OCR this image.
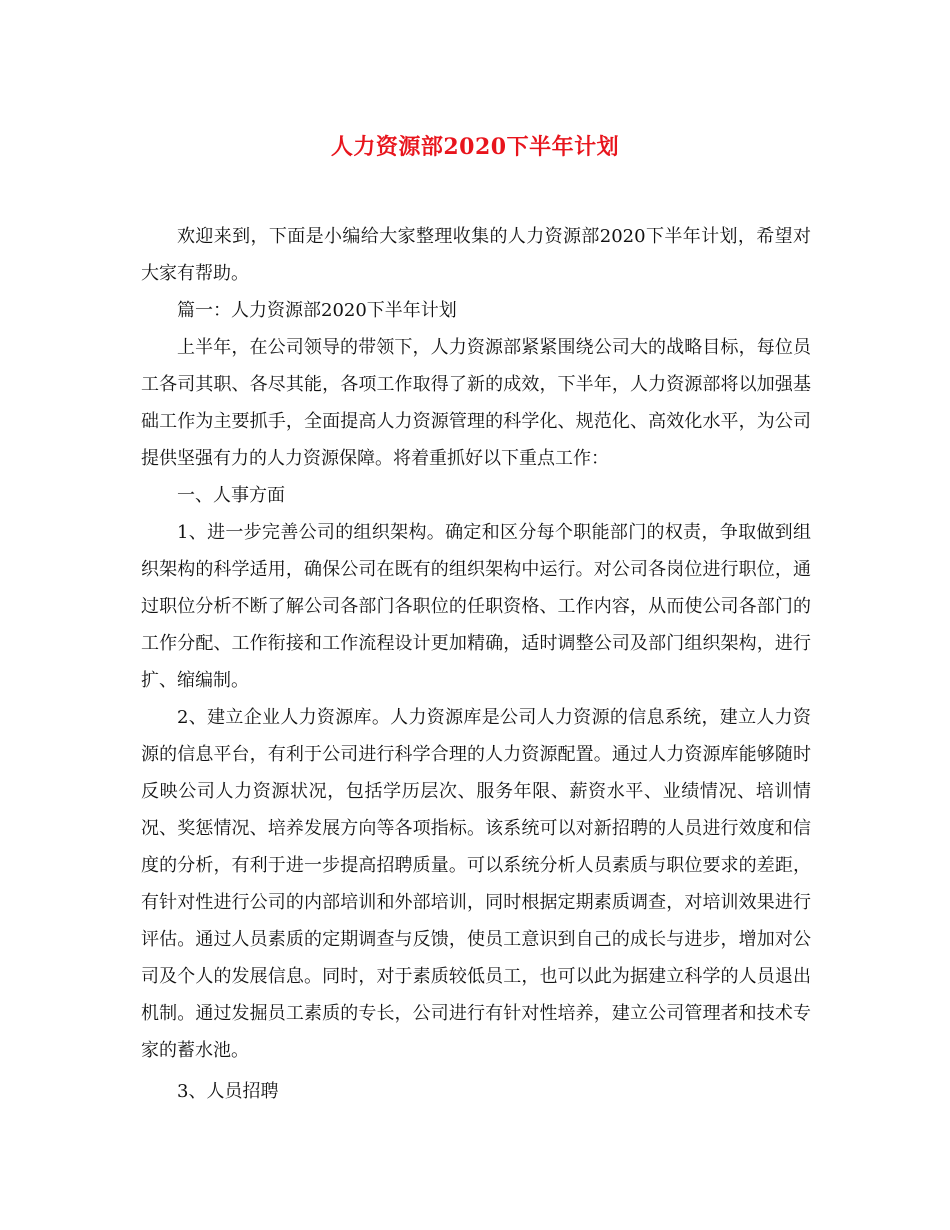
人力资源部2020下半年计划

欢迎来到，下面是小编给大家整理收集的人力资源部2020下半年计划，希望对大家有帮助。

篇一：人力资源部2020下半年计划

上半年，在公司领导的带领下，人力资源部紧紧围绕公司大的战略目标，每位员工各司其职、各尽其能，各项工作取得了新的成效，下半年，人力资源部将以加强基础工作为主要抓手，全面提高人力资源管理的科学化、规范化、高效化水平，为公司提供坚强有力的人力资源保障。将着重抓好以下重点工作：

一、人事方面

1、进一步完善公司的组织架构。确定和区分每个职能部门的权责，争取做到组织架构的科学适用，确保公司在既有的组织架构中运行。对公司各岗位进行职位，通过职位分析不断了解公司各部门各职位的任职资格、工作内容，从而使公司各部门的工作分配、工作衔接和工作流程设计更加精确，适时调整公司及部门组织架构，进行扩、缩编制。

2、建立企业人力资源库。人力资源库是公司人力资源的信息系统，建立人力资源的信息平台，有利于公司进行科学合理的人力资源配置。通过人力资源库能够随时反映公司人力资源状况，包括学历层次、服务年限、薪资水平、业绩情况、培训情况、奖惩情况、培养发展方向等各项指标。该系统可以对新招聘的人员进行效度和信度的分析，有利于进一步提高招聘质量。可以系统分析人员素质与职位要求的差距，有针对性进行公司的内部培训和外部培训，同时根据定期素质调查，对培训效果进行评估。通过人员素质的定期调查与反馈，使员工意识到自己的成长与进步，增加对公司及个人的发展信息。同时，对于素质较低员工，也可以此为据建立科学的人员退出机制。通过发掘员工素质的专长，公司进行有针对性培养，建立公司管理者和技术专家的蓄水池。

3、人员招聘
